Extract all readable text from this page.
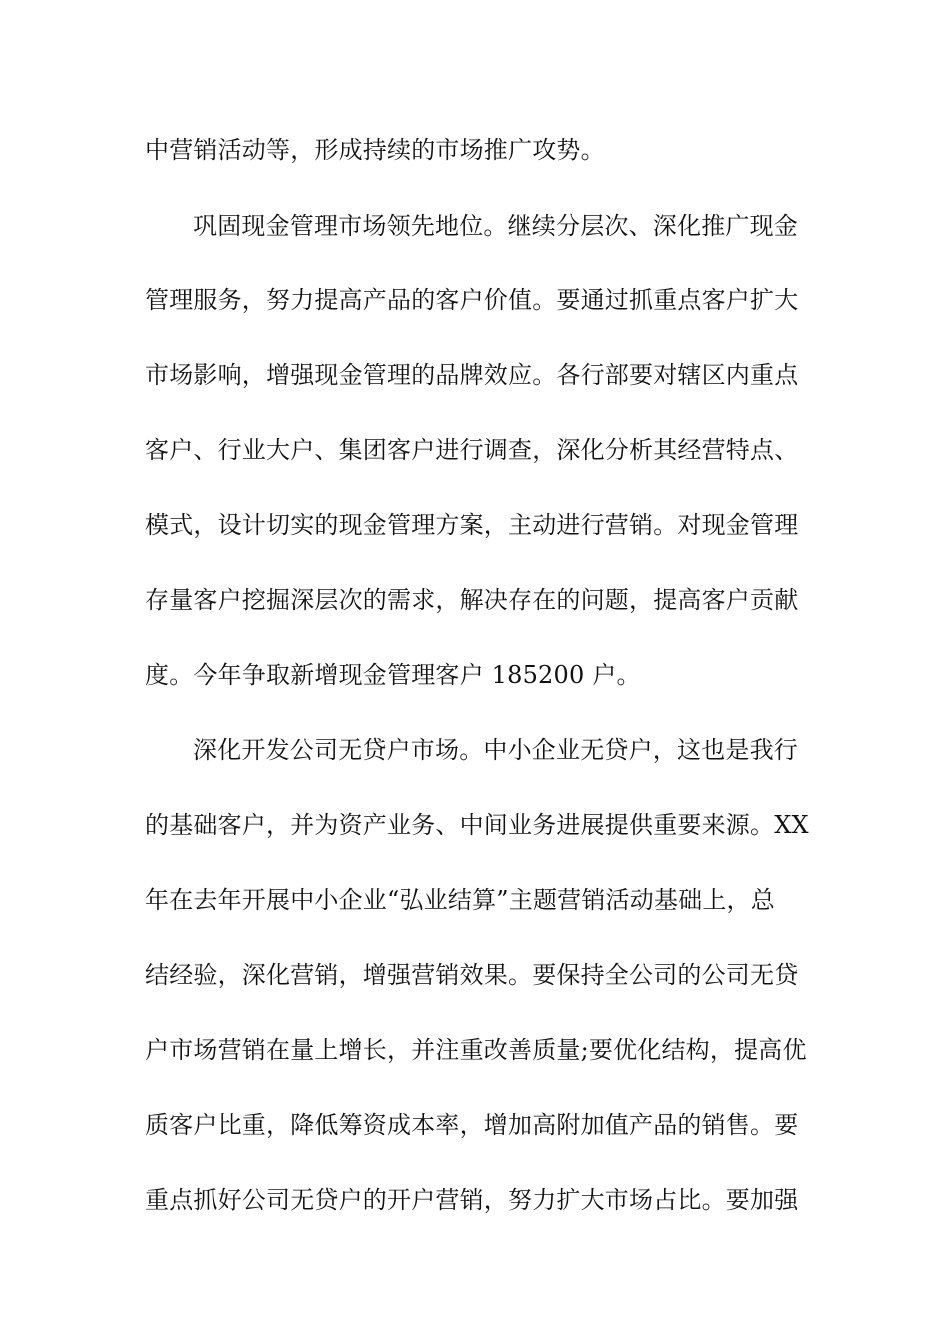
中营销活动等，形成持续的市场推广攻势。
巩固现金管理市场领先地位。继续分层次、深化推广现金
管理服务，努力提高产品的客户价值。要通过抓重点客户扩大
市场影响，增强现金管理的品牌效应。各行部要对辖区内重点
客户、行业大户、集团客户进行调查，深化分析其经营特点、
模式，设计切实的现金管理方案，主动进行营销。对现金管理
存量客户挖掘深层次的需求，解决存在的问题，提高客户贡献
度。今年争取新增现金管理客户 185200 户。
深化开发公司无贷户市场。中小企业无贷户，这也是我行
的基础客户，并为资产业务、中间业务进展提供重要来源。XX
年在去年开展中小企业“弘业结算”主题营销活动基础上，总
结经验，深化营销，增强营销效果。要保持全公司的公司无贷
户市场营销在量上增长，并注重改善质量;要优化结构，提高优
质客户比重，降低筹资成本率，增加高附加值产品的销售。要
重点抓好公司无贷户的开户营销，努力扩大市场占比。要加强
